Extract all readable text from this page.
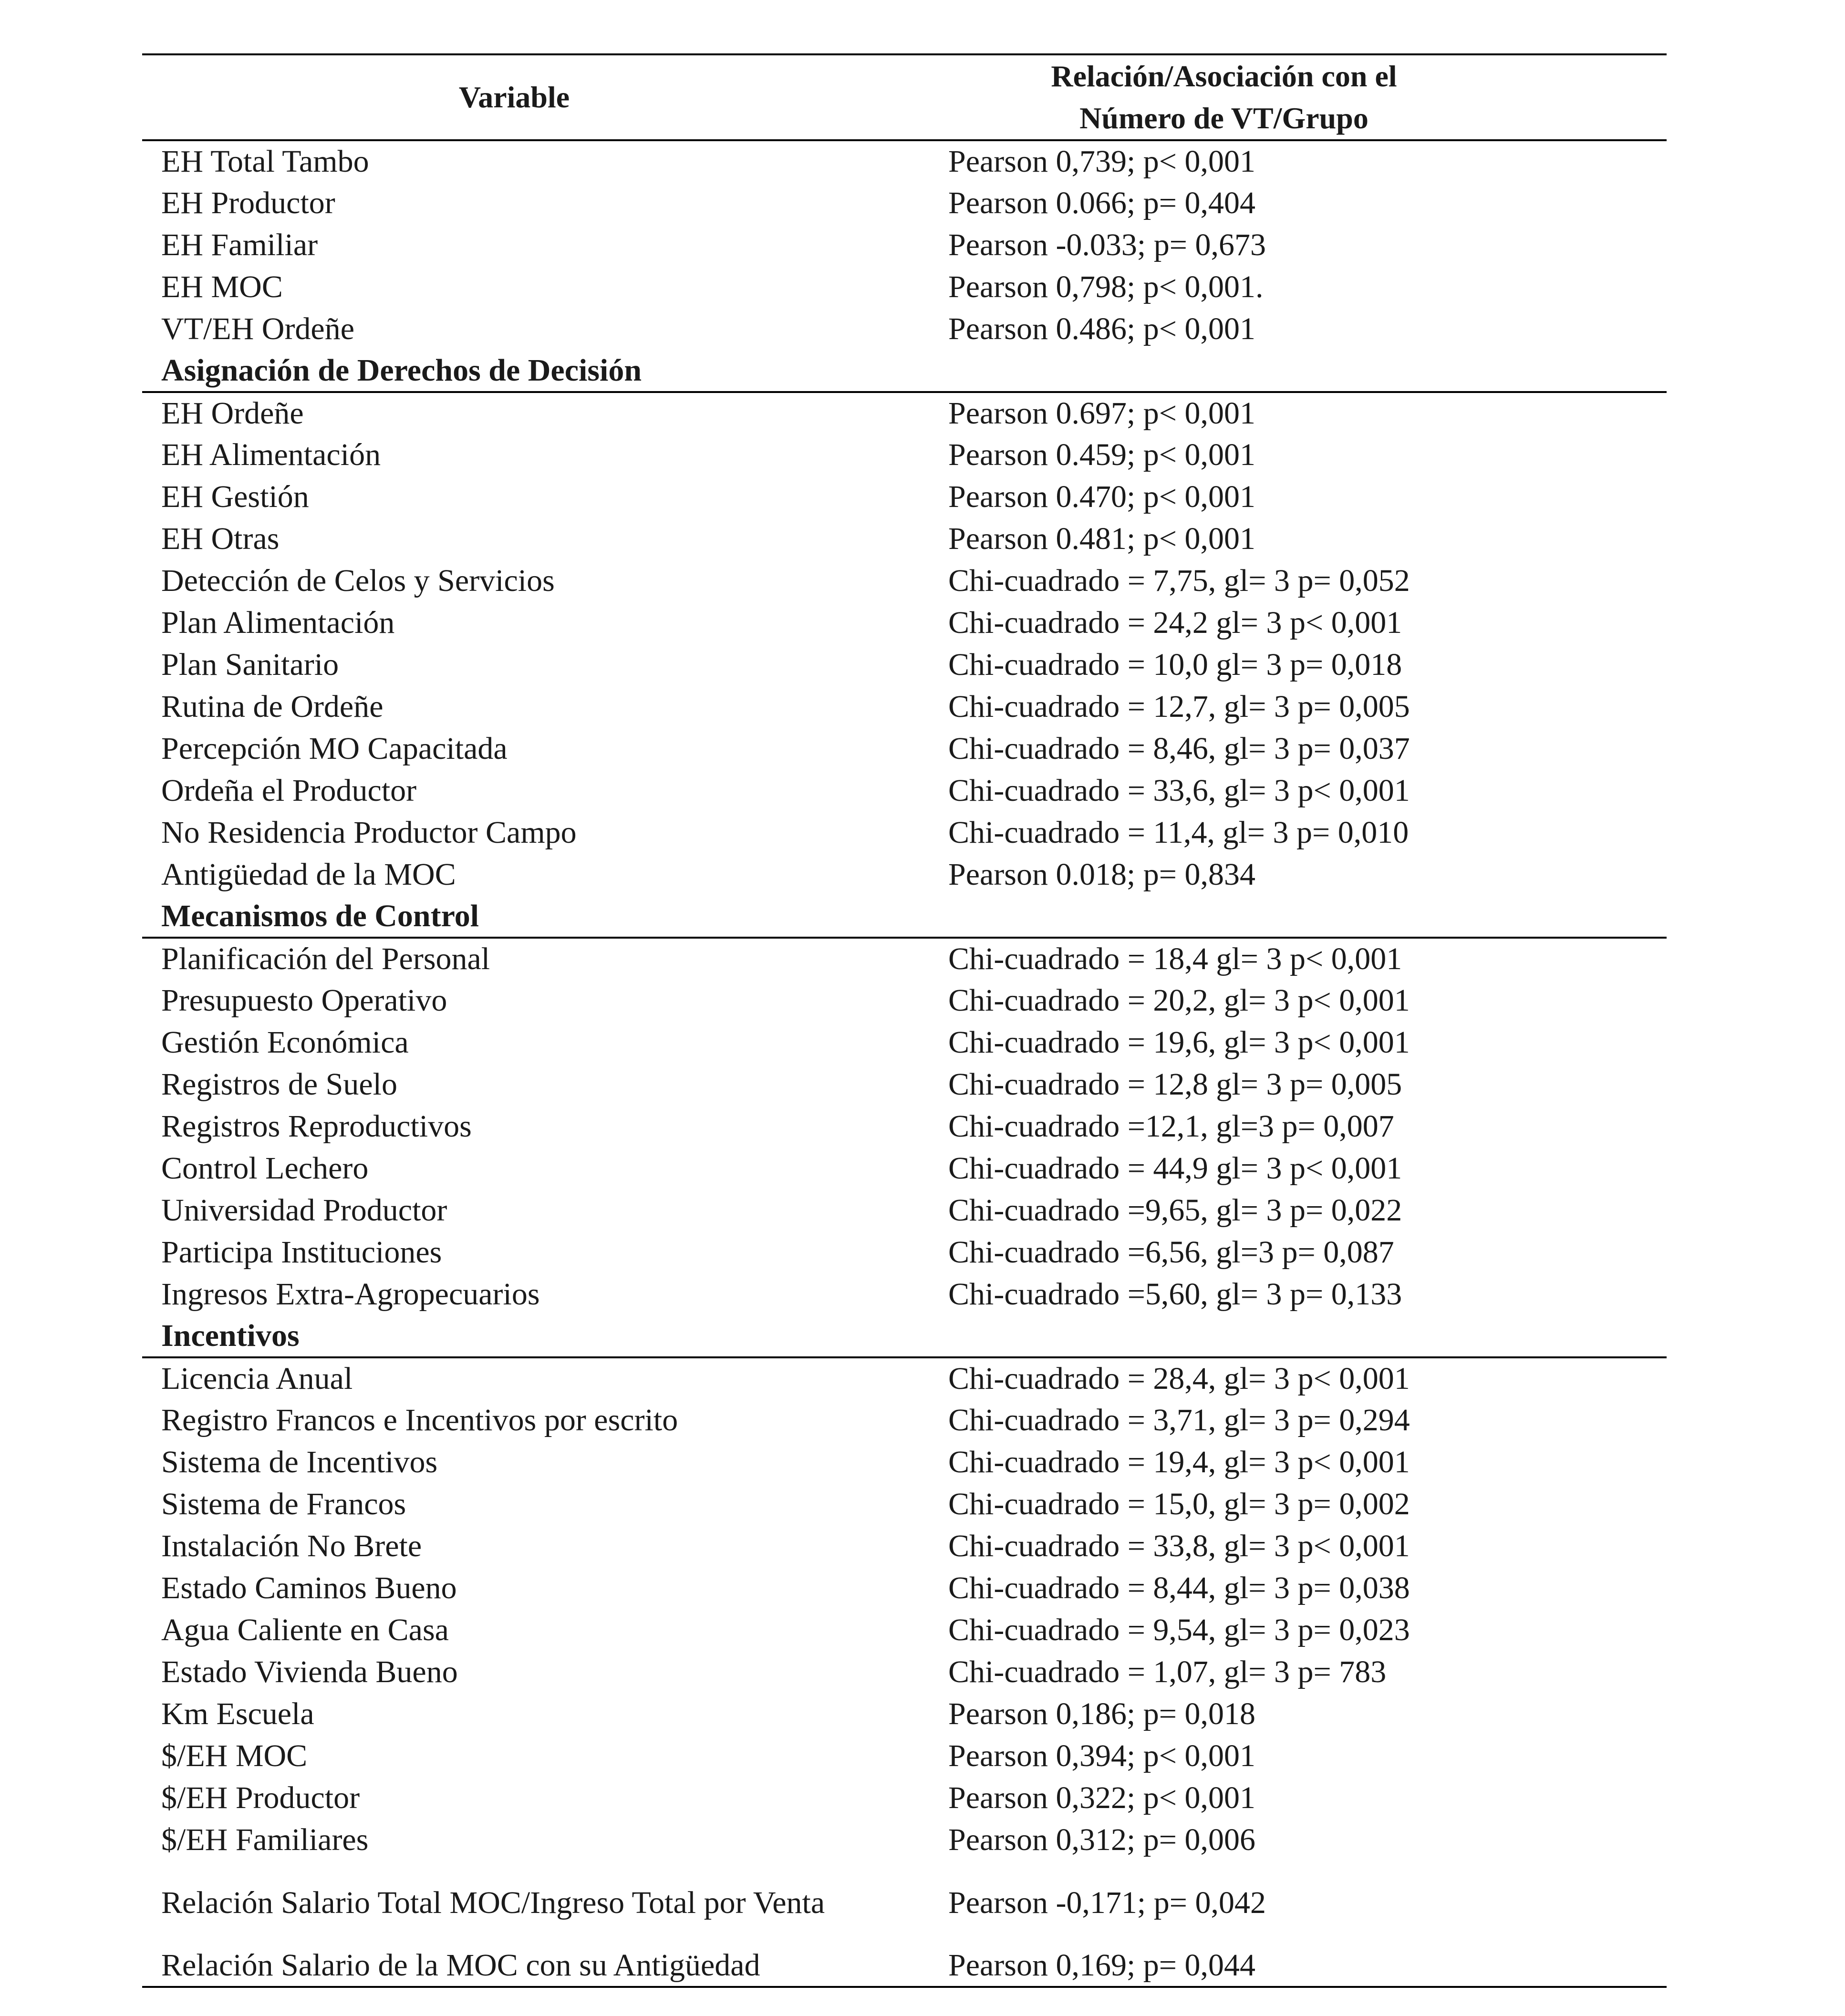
Variable	Relación/Asociación con el
Número de VT/Grupo
EH Total Tambo	Pearson 0,739; p< 0,001
EH Productor	Pearson 0.066; p= 0,404
EH Familiar	Pearson -0.033; p= 0,673
EH MOC	Pearson 0,798; p< 0,001.
VT/EH Ordeñe	Pearson 0.486; p< 0,001
Asignación de Derechos de Decisión	
EH Ordeñe	Pearson 0.697; p< 0,001
EH Alimentación	Pearson 0.459; p< 0,001
EH Gestión	Pearson 0.470; p< 0,001
EH Otras	Pearson 0.481; p< 0,001
Detección de Celos y Servicios	Chi-cuadrado = 7,75, gl= 3 p= 0,052
Plan Alimentación	Chi-cuadrado = 24,2 gl= 3 p< 0,001
Plan Sanitario	Chi-cuadrado = 10,0 gl= 3 p= 0,018
Rutina de Ordeñe	Chi-cuadrado = 12,7, gl= 3 p= 0,005
Percepción MO Capacitada	Chi-cuadrado = 8,46, gl= 3 p= 0,037
Ordeña el Productor	Chi-cuadrado = 33,6, gl= 3 p< 0,001
No Residencia Productor Campo	Chi-cuadrado = 11,4, gl= 3 p= 0,010
Antigüedad de la MOC	Pearson 0.018; p= 0,834
Mecanismos de Control	
Planificación del Personal	Chi-cuadrado = 18,4 gl= 3 p< 0,001
Presupuesto Operativo	Chi-cuadrado = 20,2, gl= 3 p< 0,001
Gestión Económica	Chi-cuadrado = 19,6, gl= 3 p< 0,001
Registros de Suelo	Chi-cuadrado = 12,8 gl= 3 p= 0,005
Registros Reproductivos	Chi-cuadrado =12,1, gl=3 p= 0,007
Control Lechero	Chi-cuadrado = 44,9 gl= 3 p< 0,001
Universidad Productor	Chi-cuadrado =9,65, gl= 3 p= 0,022
Participa Instituciones	Chi-cuadrado =6,56, gl=3 p= 0,087
Ingresos Extra-Agropecuarios	Chi-cuadrado =5,60, gl= 3 p= 0,133
Incentivos	
Licencia Anual	Chi-cuadrado = 28,4, gl= 3 p< 0,001
Registro Francos e Incentivos por escrito	Chi-cuadrado = 3,71, gl= 3 p= 0,294
Sistema de Incentivos	Chi-cuadrado = 19,4, gl= 3 p< 0,001
Sistema de Francos	Chi-cuadrado = 15,0, gl= 3 p= 0,002
Instalación No Brete	Chi-cuadrado = 33,8, gl= 3 p< 0,001
Estado Caminos Bueno	Chi-cuadrado = 8,44, gl= 3 p= 0,038
Agua Caliente en Casa	Chi-cuadrado = 9,54, gl= 3 p= 0,023
Estado Vivienda Bueno	Chi-cuadrado = 1,07, gl= 3 p= 783
Km Escuela	Pearson 0,186; p= 0,018
$/EH MOC	Pearson 0,394; p< 0,001
$/EH Productor	Pearson 0,322; p< 0,001
$/EH Familiares	Pearson 0,312; p= 0,006
Relación Salario Total MOC/Ingreso Total por Venta	Pearson -0,171; p= 0,042
Relación Salario de la MOC con su Antigüedad	Pearson 0,169; p= 0,044
